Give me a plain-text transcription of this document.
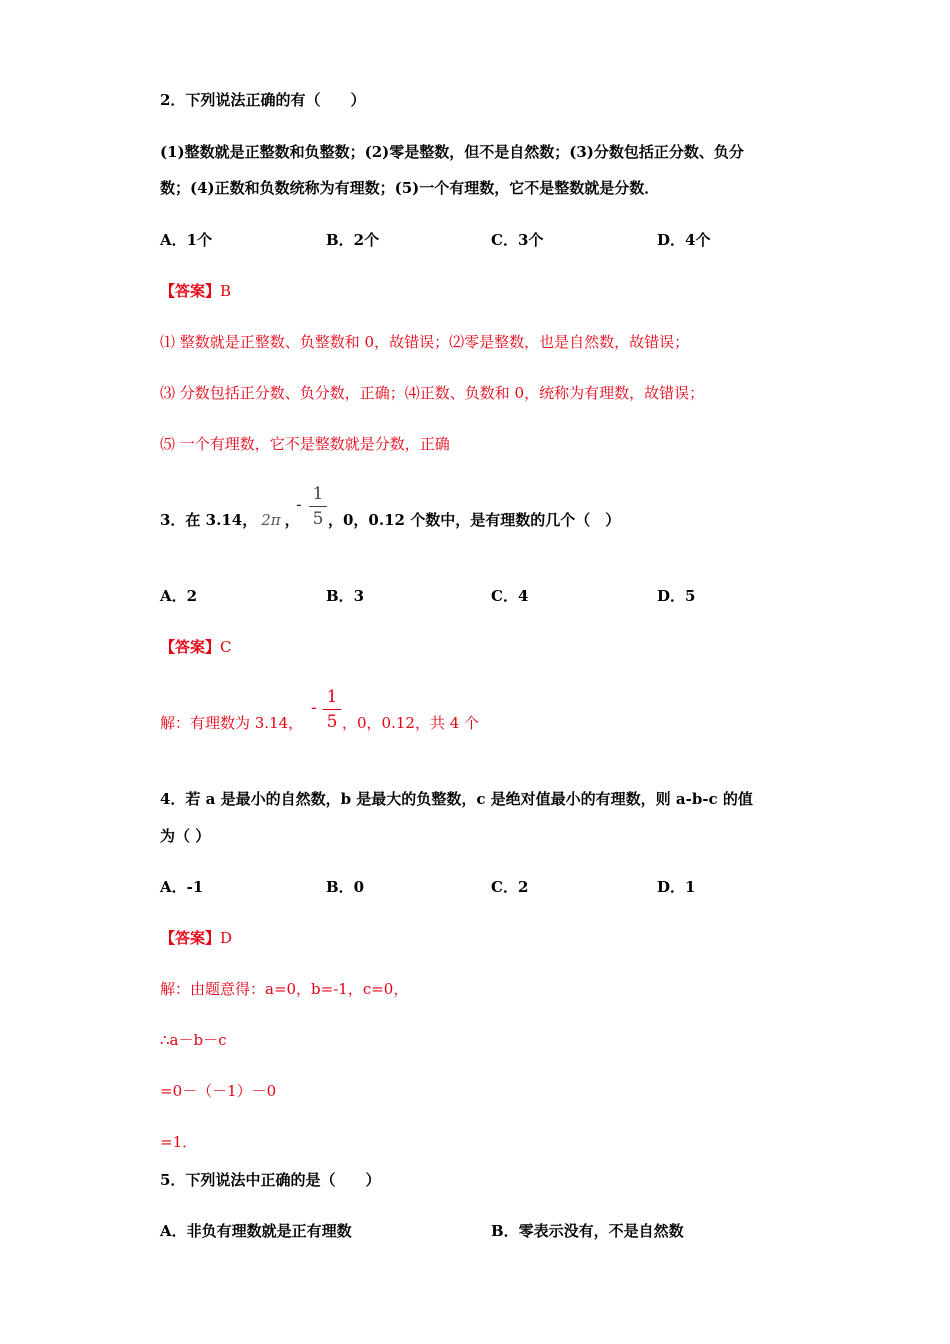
2．下列说法正确的有（　　）
(1)整数就是正整数和负整数；(2)零是整数，但不是自然数；(3)分数包括正分数、负分
数；(4)正数和负数统称为有理数；(5)一个有理数，它不是整数就是分数．
A．1个	B．2个	C．3个	D．4个
【答案】B
⑴ 整数就是正整数、负整数和 0，故错误；⑵零是整数，也是自然数，故错误；
⑶ 分数包括正分数、负分数，正确；⑷正数、负数和 0，统称为有理数，故错误；
⑸ 一个有理数，它不是整数就是分数，正确
3．在 3.14， 2π ，
-
1
5 ，0，0.12 个数中，是有理数的几个（　）
A．2	B．3	C．4	D．5
【答案】C
解：有理数为 3.14，
-
1
5 ，0，0.12，共 4 个
4．若 a 是最小的自然数，b 是最大的负整数，c 是绝对值最小的有理数，则 a-b-c 的值
为（ ）
A．-1	B．0	C．2	D．1
【答案】D
解：由题意得：a=0，b=-1，c=0，
∴a－b－c
=0－（－1）－0
=1．
5．下列说法中正确的是（　　）
A．非负有理数就是正有理数	B．零表示没有，不是自然数
